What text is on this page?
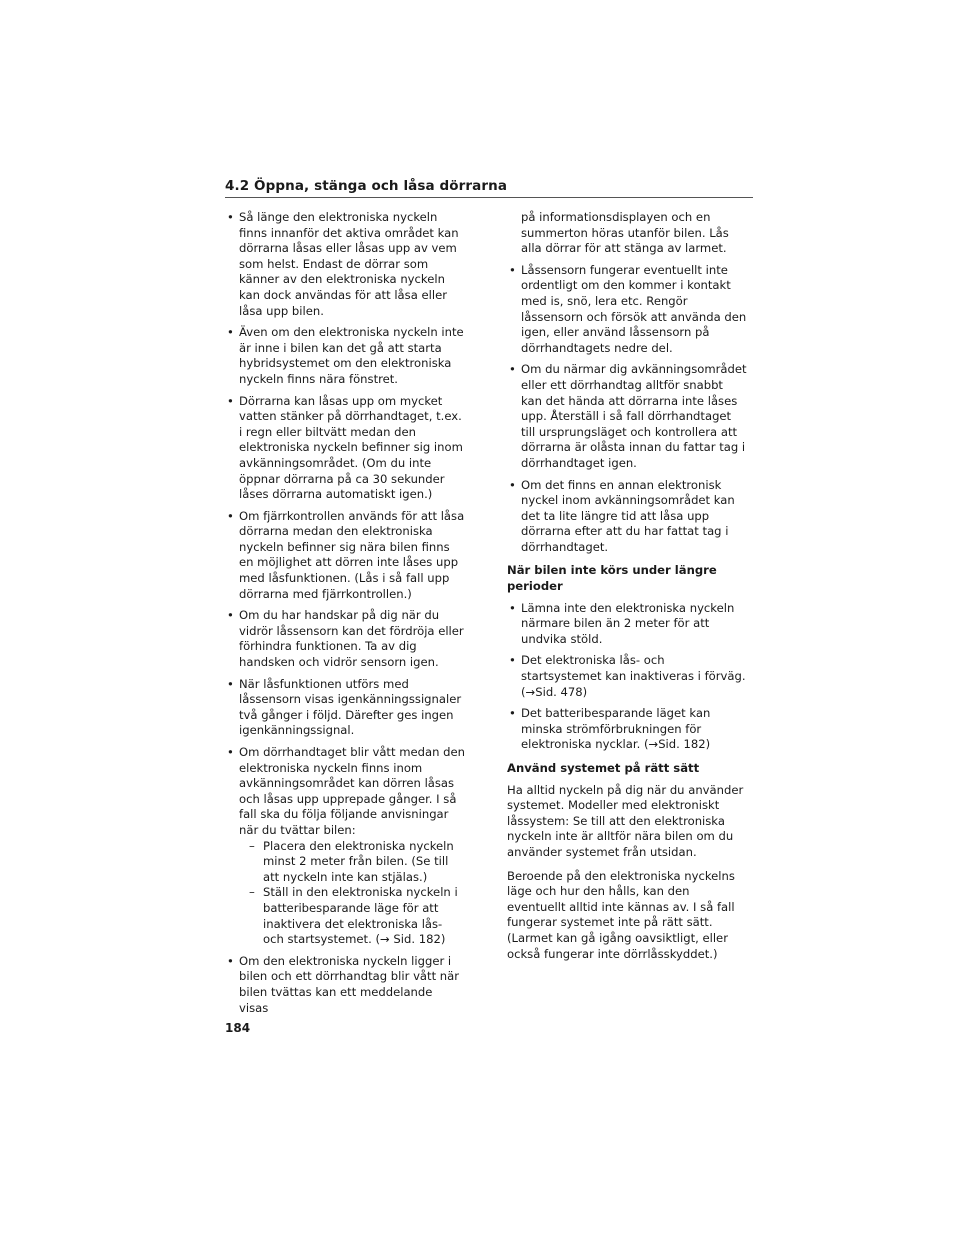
4.2 Öppna, stänga och låsa dörrarna
• Så länge den elektroniska nyckeln finns innanför det aktiva området kan dörrarna låsas eller låsas upp av vem som helst. Endast de dörrar som känner av den elektroniska nyckeln kan dock användas för att låsa eller låsa upp bilen.
• Även om den elektroniska nyckeln inte är inne i bilen kan det gå att starta hybridsystemet om den elektroniska nyckeln finns nära fönstret.
• Dörrarna kan låsas upp om mycket vatten stänker på dörrhandtaget, t.ex. i regn eller biltvätt medan den elektroniska nyckeln befinner sig inom avkänningsområdet. (Om du inte öppnar dörrarna på ca 30 sekunder låses dörrarna automatiskt igen.)
• Om fjärrkontrollen används för att låsa dörrarna medan den elektroniska nyckeln befinner sig nära bilen finns en möjlighet att dörren inte låses upp med låsfunktionen. (Lås i så fall upp dörrarna med fjärrkontrollen.)
• Om du har handskar på dig när du vidrör låssensorn kan det fördröja eller förhindra funktionen. Ta av dig handsken och vidrör sensorn igen.
• När låsfunktionen utförs med låssensorn visas igenkänningssignaler två gånger i följd. Därefter ges ingen igenkänningssignal.
• Om dörrhandtaget blir vått medan den elektroniska nyckeln finns inom avkänningsområdet kan dörren låsas och låsas upp upprepade gånger. I så fall ska du följa följande anvisningar när du tvättar bilen:
– Placera den elektroniska nyckeln minst 2 meter från bilen. (Se till att nyckeln inte kan stjälas.)
– Ställ in den elektroniska nyckeln i batteribesparande läge för att inaktivera det elektroniska lås- och startsystemet. (→ Sid. 182)
• Om den elektroniska nyckeln ligger i bilen och ett dörrhandtag blir vått när bilen tvättas kan ett meddelande visas
på informationsdisplayen och en summerton höras utanför bilen. Lås alla dörrar för att stänga av larmet.
• Låssensorn fungerar eventuellt inte ordentligt om den kommer i kontakt med is, snö, lera etc. Rengör låssensorn och försök att använda den igen, eller använd låssensorn på dörrhandtagets nedre del.
• Om du närmar dig avkänningsområdet eller ett dörrhandtag alltför snabbt kan det hända att dörrarna inte låses upp. Återställ i så fall dörrhandtaget till ursprungsläget och kontrollera att dörrarna är olåsta innan du fattar tag i dörrhandtaget igen.
• Om det finns en annan elektronisk nyckel inom avkänningsområdet kan det ta lite längre tid att låsa upp dörrarna efter att du har fattat tag i dörrhandtaget.
När bilen inte körs under längre perioder
• Lämna inte den elektroniska nyckeln närmare bilen än 2 meter för att undvika stöld.
• Det elektroniska lås- och startsystemet kan inaktiveras i förväg. (→Sid. 478)
• Det batteribesparande läget kan minska strömförbrukningen för elektroniska nycklar. (→Sid. 182)
Använd systemet på rätt sätt

Ha alltid nyckeln på dig när du använder systemet. Modeller med elektroniskt låssystem: Se till att den elektroniska nyckeln inte är alltför nära bilen om du använder systemet från utsidan.

Beroende på den elektroniska nyckelns läge och hur den hålls, kan den eventuellt alltid inte kännas av. I så fall fungerar systemet inte på rätt sätt. (Larmet kan gå igång oavsiktligt, eller också fungerar inte dörrlåsskyddet.)

184
